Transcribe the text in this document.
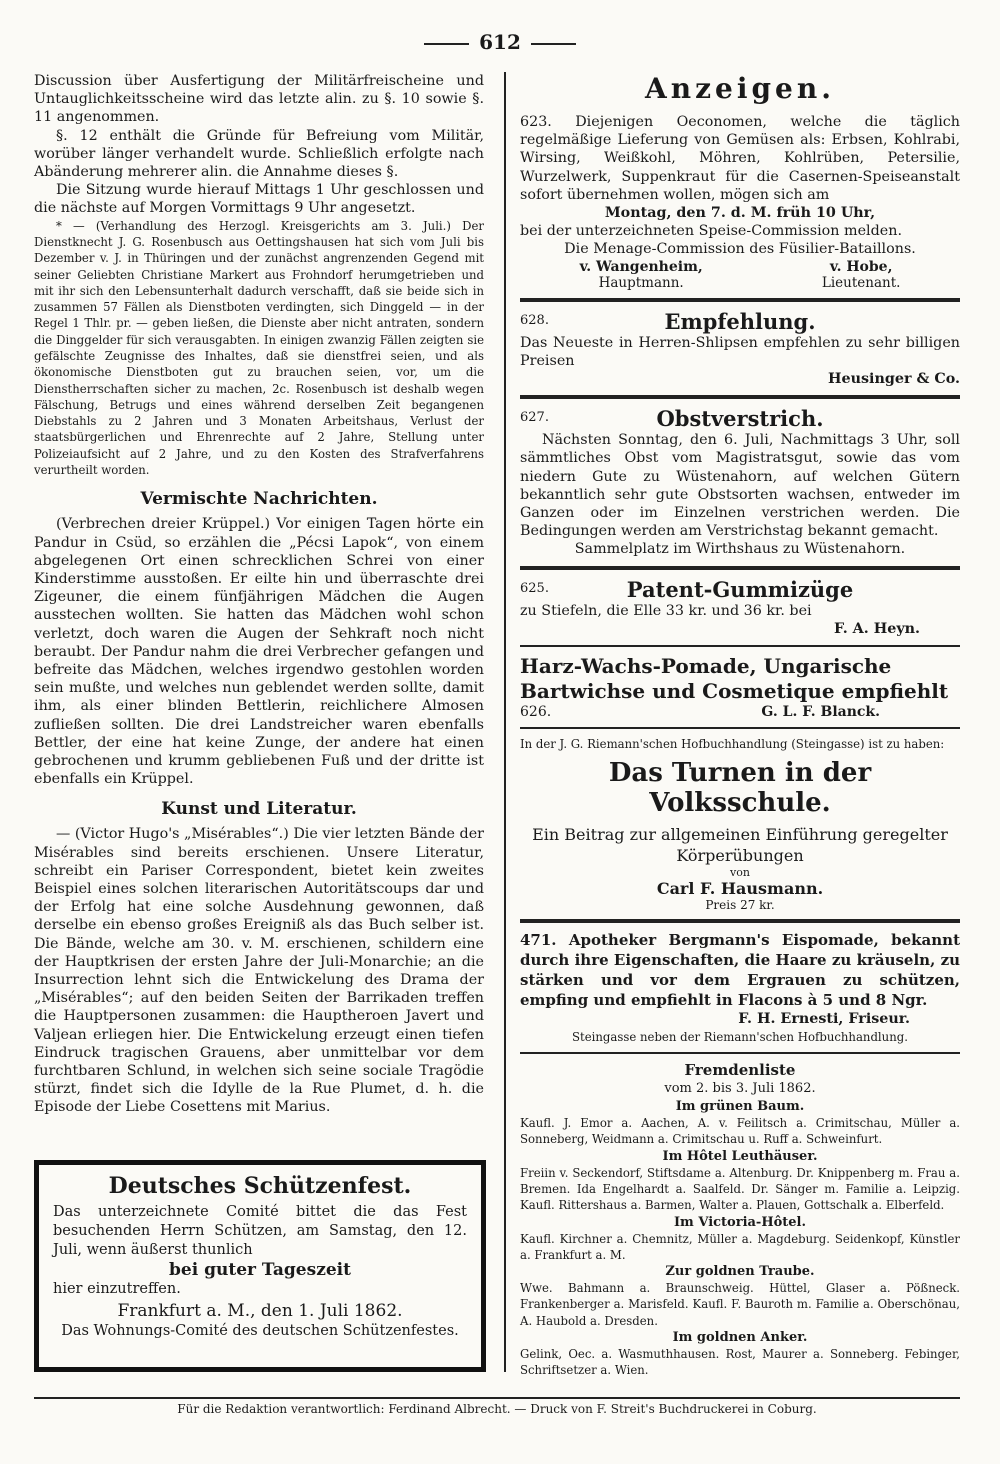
612

Discussion über Ausfertigung der Militärfreischeine und Untauglichkeitsscheine wird das letzte alin. zu §. 10 sowie §. 11 angenommen.

§. 12 enthält die Gründe für Befreiung vom Militär, worüber länger verhandelt wurde. Schließlich erfolgte nach Abänderung mehrerer alin. die Annahme dieses §.

Die Sitzung wurde hierauf Mittags 1 Uhr geschlossen und die nächste auf Morgen Vormittags 9 Uhr angesetzt.

* — (Verhandlung des Herzogl. Kreisgerichts am 3. Juli.) Der Dienstknecht J. G. Rosenbusch aus Oettingshausen hat sich vom Juli bis Dezember v. J. in Thüringen und der zunächst angrenzenden Gegend mit seiner Geliebten Christiane Markert aus Frohndorf herumgetrieben und mit ihr sich den Lebensunterhalt dadurch verschafft, daß sie beide sich in zusammen 57 Fällen als Dienstboten verdingten, sich Dinggeld — in der Regel 1 Thlr. pr. — geben ließen, die Dienste aber nicht antraten, sondern die Dinggelder für sich verausgabten. In einigen zwanzig Fällen zeigten sie gefälschte Zeugnisse des Inhaltes, daß sie dienstfrei seien, und als ökonomische Dienstboten gut zu brauchen seien, vor, um die Dienstherrschaften sicher zu machen, 2c. Rosenbusch ist deshalb wegen Fälschung, Betrugs und eines während derselben Zeit begangenen Diebstahls zu 2 Jahren und 3 Monaten Arbeitshaus, Verlust der staatsbürgerlichen und Ehrenrechte auf 2 Jahre, Stellung unter Polizeiaufsicht auf 2 Jahre, und zu den Kosten des Strafverfahrens verurtheilt worden.

Vermischte Nachrichten.

(Verbrechen dreier Krüppel.) Vor einigen Tagen hörte ein Pandur in Csüd, so erzählen die „Pécsi Lapok“, von einem abgelegenen Ort einen schrecklichen Schrei von einer Kinderstimme ausstoßen. Er eilte hin und überraschte drei Zigeuner, die einem fünfjährigen Mädchen die Augen ausstechen wollten. Sie hatten das Mädchen wohl schon verletzt, doch waren die Augen der Sehkraft noch nicht beraubt. Der Pandur nahm die drei Verbrecher gefangen und befreite das Mädchen, welches irgendwo gestohlen worden sein mußte, und welches nun geblendet werden sollte, damit ihm, als einer blinden Bettlerin, reichlichere Almosen zufließen sollten. Die drei Landstreicher waren ebenfalls Bettler, der eine hat keine Zunge, der andere hat einen gebrochenen und krumm gebliebenen Fuß und der dritte ist ebenfalls ein Krüppel.

Kunst und Literatur.

— (Victor Hugo's „Misérables“.) Die vier letzten Bände der Misérables sind bereits erschienen. Unsere Literatur, schreibt ein Pariser Correspondent, bietet kein zweites Beispiel eines solchen literarischen Autoritätscoups dar und der Erfolg hat eine solche Ausdehnung gewonnen, daß derselbe ein ebenso großes Ereigniß als das Buch selber ist. Die Bände, welche am 30. v. M. erschienen, schildern eine der Hauptkrisen der ersten Jahre der Juli-Monarchie; an die Insurrection lehnt sich die Entwickelung des Drama der „Misérables“; auf den beiden Seiten der Barrikaden treffen die Hauptpersonen zusammen: die Hauptheroen Javert und Valjean erliegen hier. Die Entwickelung erzeugt einen tiefen Eindruck tragischen Grauens, aber unmittelbar vor dem furchtbaren Schlund, in welchen sich seine sociale Tragödie stürzt, findet sich die Idylle de la Rue Plumet, d. h. die Episode der Liebe Cosettens mit Marius.

Deutsches Schützenfest.

Das unterzeichnete Comité bittet die das Fest besuchenden Herrn Schützen, am Samstag, den 12. Juli, wenn äußerst thunlich

bei guter Tageszeit

hier einzutreffen.

Frankfurt a. M., den 1. Juli 1862.
Das Wohnungs-Comité des deutschen Schützenfestes.
Anzeigen.

623. Diejenigen Oeconomen, welche die täglich regelmäßige Lieferung von Gemüsen als: Erbsen, Kohlrabi, Wirsing, Weißkohl, Möhren, Kohlrüben, Petersilie, Wurzelwerk, Suppenkraut für die Casernen-Speiseanstalt sofort übernehmen wollen, mögen sich am

Montag, den 7. d. M. früh 10 Uhr,

bei der unterzeichneten Speise-Commission melden.

Die Menage-Commission des Füsilier-Bataillons.

v. Wangenheim,
Hauptmann.
v. Hobe,
Lieutenant.
628.	Empfehlung.

Das Neueste in Herren-Shlipsen empfehlen zu sehr billigen Preisen

Heusinger & Co.

627.	Obstverstrich.

Nächsten Sonntag, den 6. Juli, Nachmittags 3 Uhr, soll sämmtliches Obst vom Magistratsgut, sowie das vom niedern Gute zu Wüstenahorn, auf welchen Gütern bekanntlich sehr gute Obstsorten wachsen, entweder im Ganzen oder im Einzelnen verstrichen werden. Die Bedingungen werden am Verstrichstag bekannt gemacht.

Sammelplatz im Wirthshaus zu Wüstenahorn.

625.	Patent-Gummizüge

zu Stiefeln, die Elle 33 kr. und 36 kr. bei

F. A. Heyn.

Harz-Wachs-Pomade, Ungarische Bartwichse und Cosmetique empfiehlt

626.	G. L. F. Blanck.

In der J. G. Riemann'schen Hofbuchhandlung (Steingasse) ist zu haben:

Das Turnen in der Volksschule.

Ein Beitrag zur allgemeinen Einführung geregelter Körperübungen

von

Carl F. Hausmann.

Preis 27 kr.

471. Apotheker Bergmann's Eispomade, bekannt durch ihre Eigenschaften, die Haare zu kräuseln, zu stärken und vor dem Ergrauen zu schützen, empfing und empfiehlt in Flacons à 5 und 8 Ngr.

F. H. Ernesti, Friseur.

Steingasse neben der Riemann'schen Hofbuchhandlung.

Fremdenliste

vom 2. bis 3. Juli 1862.

Im grünen Baum.

Kaufl. J. Emor a. Aachen, A. v. Feilitsch a. Crimitschau, Müller a. Sonneberg, Weidmann a. Crimitschau u. Ruff a. Schweinfurt.

Im Hôtel Leuthäuser.

Freiin v. Seckendorf, Stiftsdame a. Altenburg. Dr. Knippenberg m. Frau a. Bremen. Ida Engelhardt a. Saalfeld. Dr. Sänger m. Familie a. Leipzig. Kaufl. Rittershaus a. Barmen, Walter a. Plauen, Gottschalk a. Elberfeld.

Im Victoria-Hôtel.

Kaufl. Kirchner a. Chemnitz, Müller a. Magdeburg. Seidenkopf, Künstler a. Frankfurt a. M.

Zur goldnen Traube.

Wwe. Bahmann a. Braunschweig. Hüttel, Glaser a. Pößneck. Frankenberger a. Marisfeld. Kaufl. F. Bauroth m. Familie a. Oberschönau, A. Haubold a. Dresden.

Im goldnen Anker.

Gelink, Oec. a. Wasmuthhausen. Rost, Maurer a. Sonneberg. Febinger, Schriftsetzer a. Wien.

Für die Redaktion verantwortlich: Ferdinand Albrecht. — Druck von F. Streit's Buchdruckerei in Coburg.
